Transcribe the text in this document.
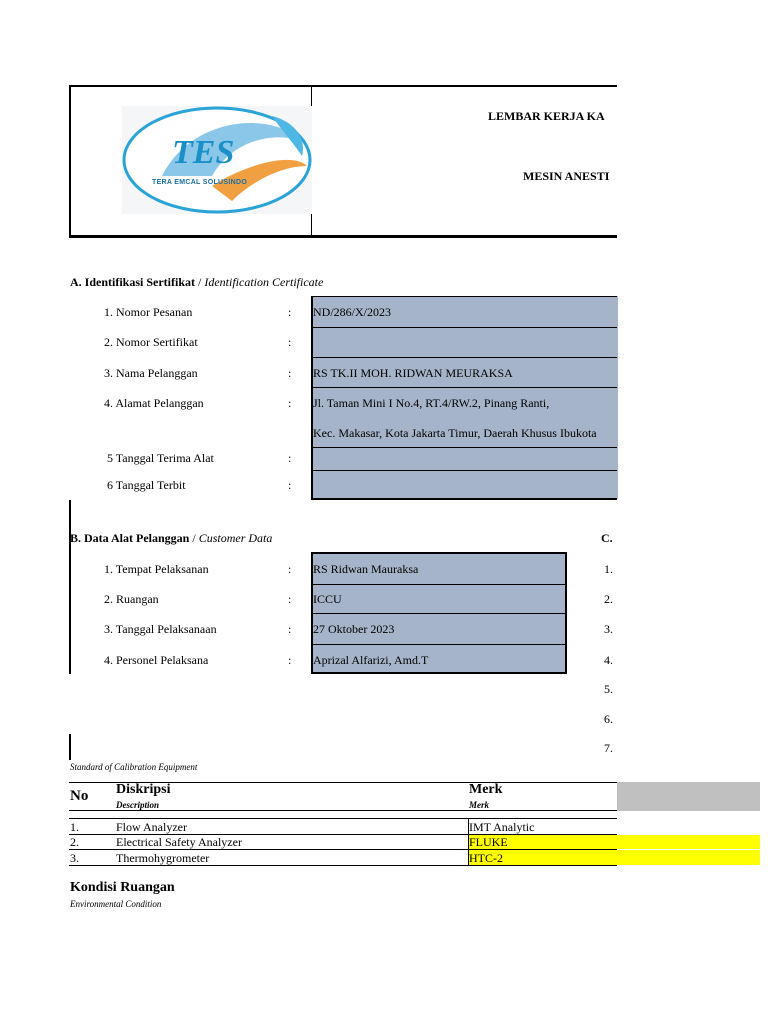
TES
TERA EMCAL SOLUSINDO
LEMBAR KERJA KA
MESIN ANESTI
A. Identifikasi Sertifikat / Identification Certificate
1. Nomor Pesanan	: ND/286/X/2023
2. Nomor Sertifikat	:
3. Nama Pelanggan	: RS TK.II MOH. RIDWAN MEURAKSA
4. Alamat Pelanggan	: Jl. Taman Mini I No.4, RT.4/RW.2, Pinang Ranti,
Kec. Makasar, Kota Jakarta Timur, Daerah Khusus Ibukota
5 Tanggal Terima Alat	:
6 Tanggal Terbit	:
B. Data Alat Pelanggan / Customer Data
1. Tempat Pelaksanan	: RS Ridwan Mauraksa
2. Ruangan	: ICCU
3. Tanggal Pelaksanaan	: 27 Oktober 2023
4. Personel Pelaksana	: Aprizal Alfarizi, Amd.T
C.
1.
2.
3.
4.
5.
6.
7.
Standard of Calibration Equipment
No Diskripsi
Description
Merk
Merk
1.	Flow Analyzer	IMT Analytic
2.	Electrical Safety Analyzer	FLUKE
3.	Thermohygrometer	HTC-2
Kondisi Ruangan
Environmental Condition
